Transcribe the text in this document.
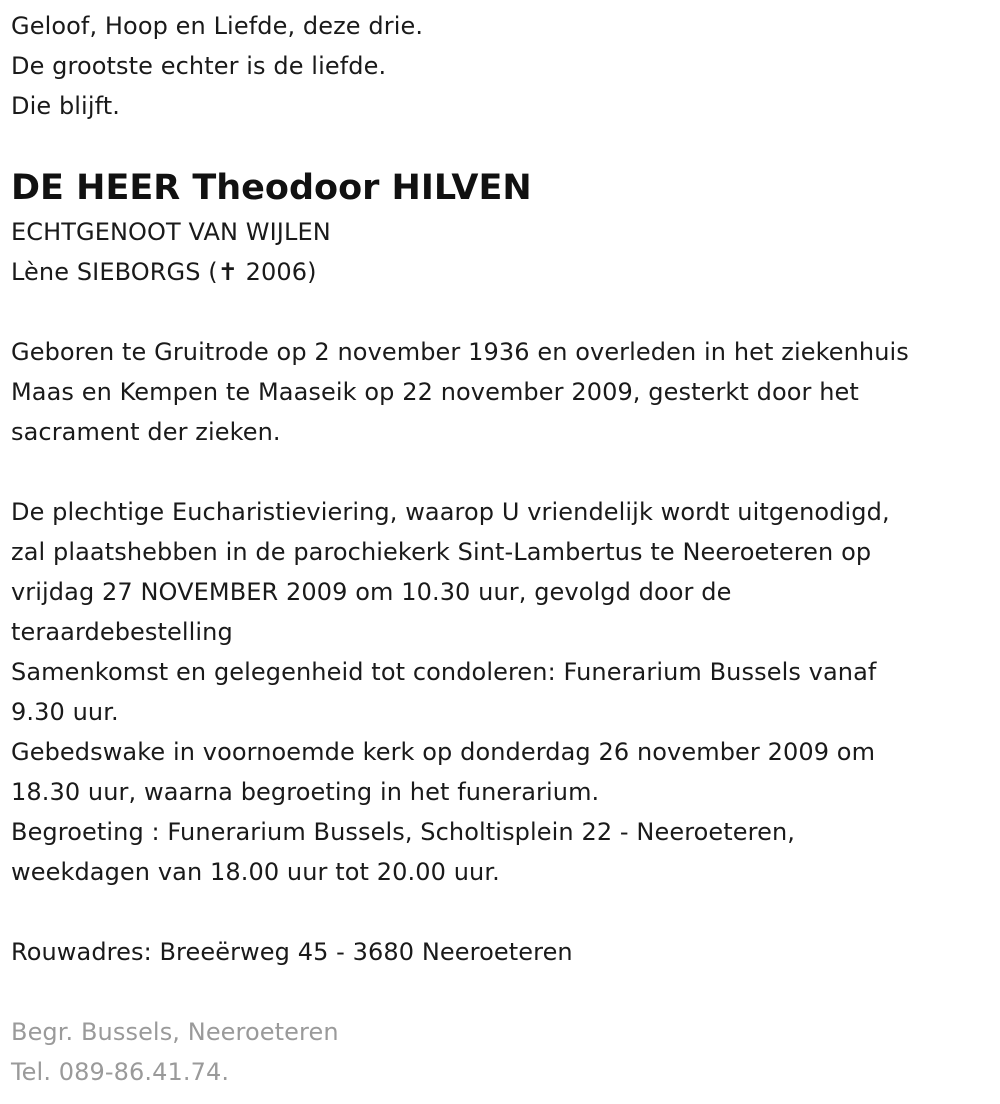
Geloof, Hoop en Liefde, deze drie.
De grootste echter is de liefde.
Die blijft.
DE HEER Theodoor HILVEN
ECHTGENOOT VAN WIJLEN
Lène SIEBORGS (✝ 2006)
Geboren te Gruitrode op 2 november 1936 en overleden in het ziekenhuis
Maas en Kempen te Maaseik op 22 november 2009, gesterkt door het
sacrament der zieken.
De plechtige Eucharistieviering, waarop U vriendelijk wordt uitgenodigd,
zal plaatshebben in de parochiekerk Sint-Lambertus te Neeroeteren op
vrijdag 27 NOVEMBER 2009 om 10.30 uur, gevolgd door de
teraardebestelling
Samenkomst en gelegenheid tot condoleren: Funerarium Bussels vanaf
9.30 uur.
Gebedswake in voornoemde kerk op donderdag 26 november 2009 om
18.30 uur, waarna begroeting in het funerarium.
Begroeting : Funerarium Bussels, Scholtisplein 22 - Neeroeteren,
weekdagen van 18.00 uur tot 20.00 uur.
Rouwadres: Breeërweg 45 - 3680 Neeroeteren
Begr. Bussels, Neeroeteren
Tel. 089-86.41.74.
